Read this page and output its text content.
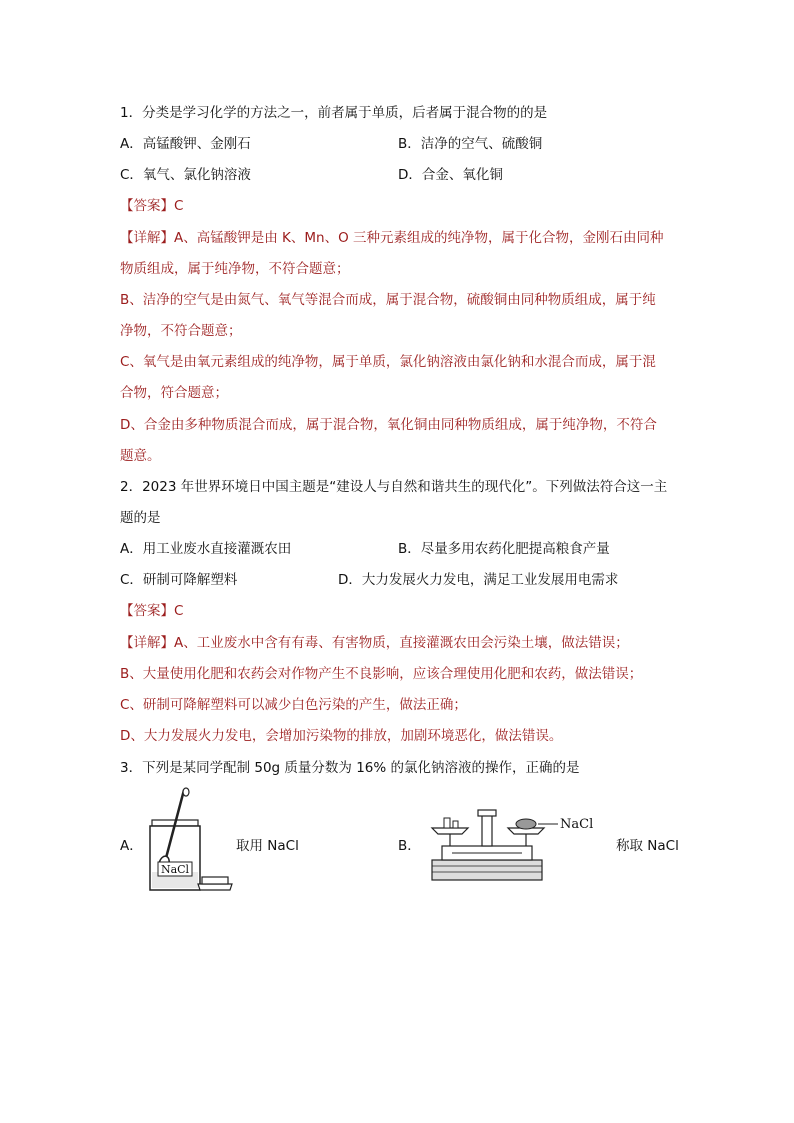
1．分类是学习化学的方法之一，前者属于单质，后者属于混合物的的是
A．高锰酸钾、金刚石	B．洁净的空气、硫酸铜
C．氧气、氯化钠溶液	D．合金、氧化铜
【答案】C
【详解】A、高锰酸钾是由 K、Mn、O 三种元素组成的纯净物，属于化合物，金刚石由同种
物质组成，属于纯净物，不符合题意；
B、洁净的空气是由氮气、氧气等混合而成，属于混合物，硫酸铜由同种物质组成，属于纯
净物，不符合题意；
C、氧气是由氧元素组成的纯净物，属于单质，氯化钠溶液由氯化钠和水混合而成，属于混
合物，符合题意；
D、合金由多种物质混合而成，属于混合物，氧化铜由同种物质组成，属于纯净物，不符合
题意。
2．2023 年世界环境日中国主题是“建设人与自然和谐共生的现代化”。下列做法符合这一主
题的是
A．用工业废水直接灌溉农田	B．尽量多用农药化肥提高粮食产量
C．研制可降解塑料	D．大力发展火力发电，满足工业发展用电需求
【答案】C
【详解】A、工业废水中含有有毒、有害物质，直接灌溉农田会污染土壤，做法错误；
B、大量使用化肥和农药会对作物产生不良影响，应该合理使用化肥和农药，做法错误；
C、研制可降解塑料可以减少白色污染的产生，做法正确；
D、大力发展火力发电，会增加污染物的排放，加剧环境恶化，做法错误。
3．下列是某同学配制 50g 质量分数为 16% 的氯化钠溶液的操作，正确的是
A．
NaCl
取用 NaCl	B．
NaCl
称取 NaCl
